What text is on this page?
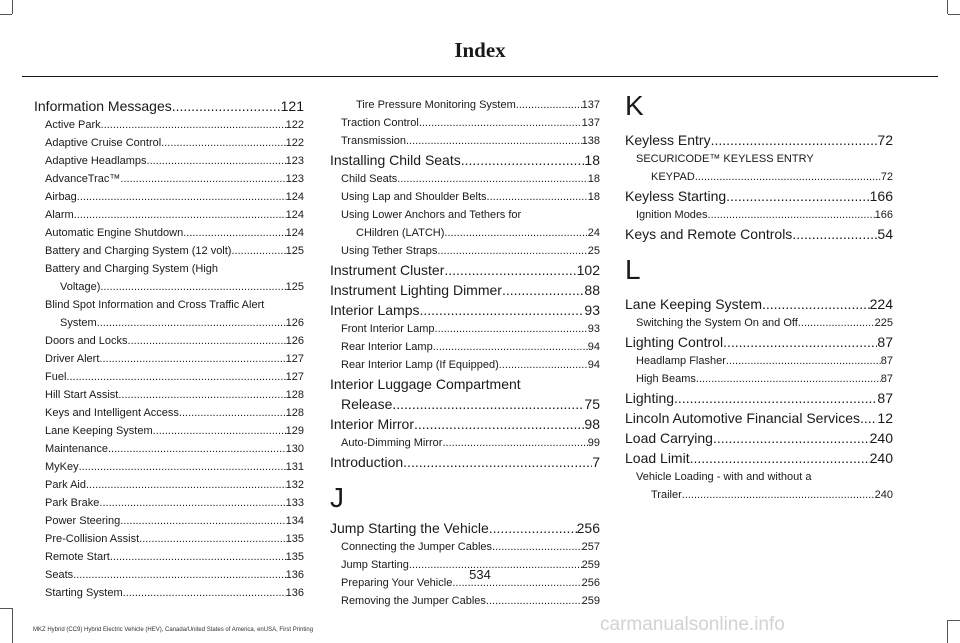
Index
Information Messages .....	121
Active Park .....	122
Adaptive Cruise Control .....	122
Adaptive Headlamps .....	123
AdvanceTrac™ .....	123
Airbag .....	124
Alarm .....	124
Automatic Engine Shutdown .....	124
Battery and Charging System (12 volt) .....	125
Battery and Charging System (High
Voltage) .....	125
Blind Spot Information and Cross Traffic Alert
System .....	126
Doors and Locks .....	126
Driver Alert .....	127
Fuel .....	127
Hill Start Assist .....	128
Keys and Intelligent Access .....	128
Lane Keeping System .....	129
Maintenance .....	130
MyKey .....	131
Park Aid .....	132
Park Brake .....	133
Power Steering .....	134
Pre-Collision Assist .....	135
Remote Start .....	135
Seats .....	136
Starting System .....	136
Tire Pressure Monitoring System .....	137
Traction Control .....	137
Transmission .....	138
Installing Child Seats .....	18
Child Seats .....	18
Using Lap and Shoulder Belts .....	18
Using Lower Anchors and Tethers for
CHildren (LATCH) .....	24
Using Tether Straps .....	25
Instrument Cluster .....	102
Instrument Lighting Dimmer .....	88
Interior Lamps .....	93
Front Interior Lamp .....	93
Rear Interior Lamp .....	94
Rear Interior Lamp (If Equipped) .....	94
Interior Luggage Compartment
Release .....	75
Interior Mirror .....	98
Auto-Dimming Mirror .....	99
Introduction .....	7
J
Jump Starting the Vehicle .....	256
Connecting the Jumper Cables .....	257
Jump Starting .....	259
Preparing Your Vehicle .....	256
Removing the Jumper Cables .....	259
K
Keyless Entry .....	72
SECURICODE™ KEYLESS ENTRY
KEYPAD .....	72
Keyless Starting .....	166
Ignition Modes .....	166
Keys and Remote Controls .....	54
L
Lane Keeping System .....	224
Switching the System On and Off .....	225
Lighting Control .....	87
Headlamp Flasher .....	87
High Beams .....	87
Lighting .....	87
Lincoln Automotive Financial Services ..... 12
Load Carrying .....	240
Load Limit .....	240
Vehicle Loading - with and without a
Trailer .....	240
534
MKZ Hybrid (CC9) Hybrid Electric Vehicle (HEV), Canada/United States of America, enUSA, First Printing	carmanualsonline.info
